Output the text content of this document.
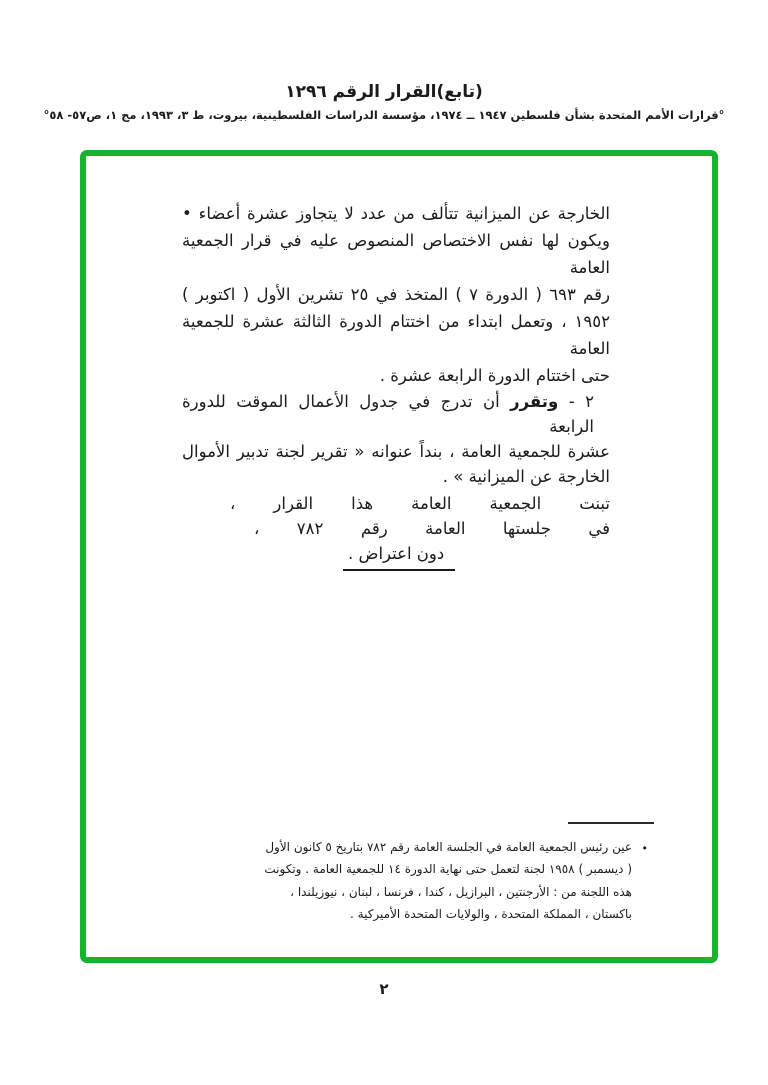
(تابع)القرار الرقم ١٢٩٦
°قرارات الأمم المتحدة بشأن فلسطين ١٩٤٧ ــ ١٩٧٤، مؤسسة الدراسات الفلسطينية، بيروت، ط ٣، ١٩٩٣، مج ١، ص٥٧- ٥٨°
الخارجة عن الميزانية تتألف من عدد لا يتجاوز عشرة أعضاء •
ويكون لها نفس الاختصاص المنصوص عليه في قرار الجمعية العامة
رقم ٦٩٣ ( الدورة ٧ ) المتخذ في ٢٥ تشرين الأول ( اكتوبر )
١٩٥٢ ، وتعمل ابتداء من اختتام الدورة الثالثة عشرة للجمعية العامة
حتى اختتام الدورة الرابعة عشرة .
٢ - وتقرر أن تدرج في جدول الأعمال الموقت للدورة الرابعة
عشرة للجمعية العامة ، بنداً عنوانه « تقرير لجنة تدبير الأموال
الخارجة عن الميزانية » .
تبنت الجمعية العامة هذا القرار ،
في جلستها العامة رقم ٧٨٢ ،
دون اعتراض .
•
عين رئيس الجمعية العامة في الجلسة العامة رقم ٧٨٢ بتاريخ ٥ كانون الأول
( ديسمبر ) ١٩٥٨ لجنة لتعمل حتى نهاية الدورة ١٤ للجمعية العامة . وتكونت
هذه اللجنة من : الأرجنتين ، البرازيل ، كندا ، فرنسا ، لبنان ، نيوزيلندا ،
باكستان ، المملكة المتحدة ، والولايات المتحدة الأميركية .
٢
